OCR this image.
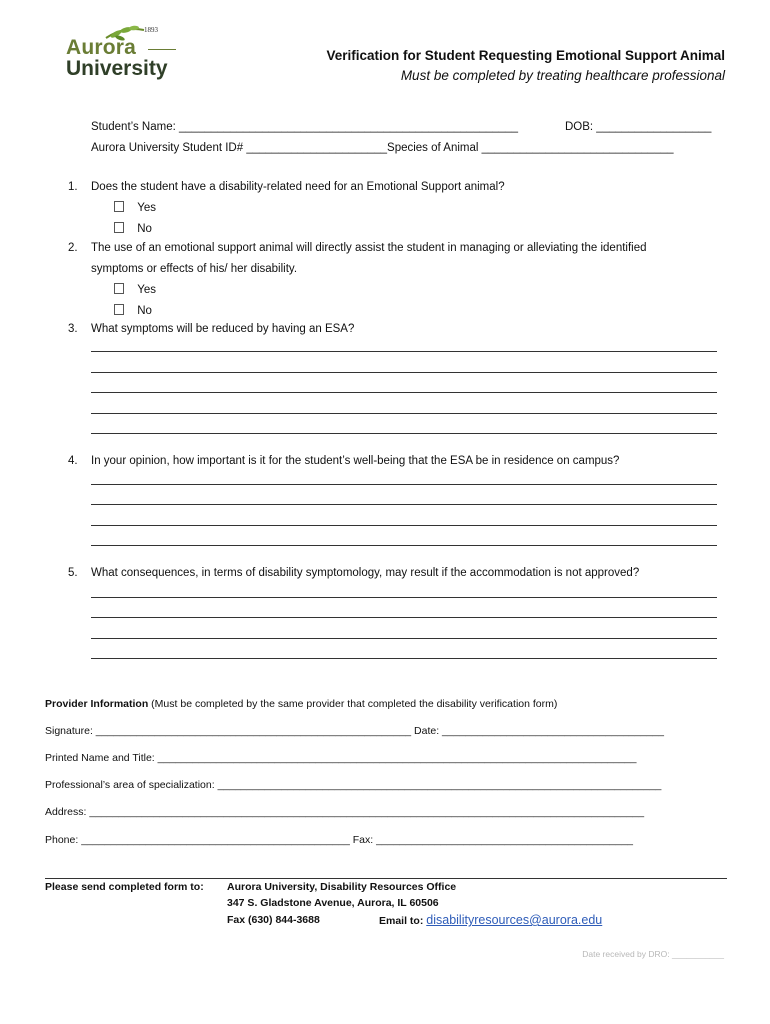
1893
Aurora
University
Verification for Student Requesting Emotional Support Animal
Must be completed by treating healthcare professional
Student’s Name: _____________________________________________________	DOB: __________________
Aurora University Student ID# ______________________Species of Animal ______________________________
1. Does the student have a disability-related need for an Emotional Support animal?
Yes
No
2. The use of an emotional support animal will directly assist the student in managing or alleviating the identified
symptoms or effects of his/ her disability.
Yes
No
3. What symptoms will be reduced by having an ESA?
4. In your opinion, how important is it for the student’s well-being that the ESA be in residence on campus?
5. What consequences, in terms of disability symptomology, may result if the accommodation is not approved?
Provider Information (Must be completed by the same provider that completed the disability verification form)
Signature: ______________________________________________________ Date: ______________________________________
Printed Name and Title: __________________________________________________________________________________
Professional’s area of specialization: ____________________________________________________________________________
Address: _______________________________________________________________________________________________
Phone: ______________________________________________ Fax: ____________________________________________
Please send completed form to: Aurora University, Disability Resources Office
347 S. Gladstone Avenue, Aurora, IL 60506
Fax (630) 844-3688	Email to: disabilityresources@aurora.edu
Date received by DRO: ___________
